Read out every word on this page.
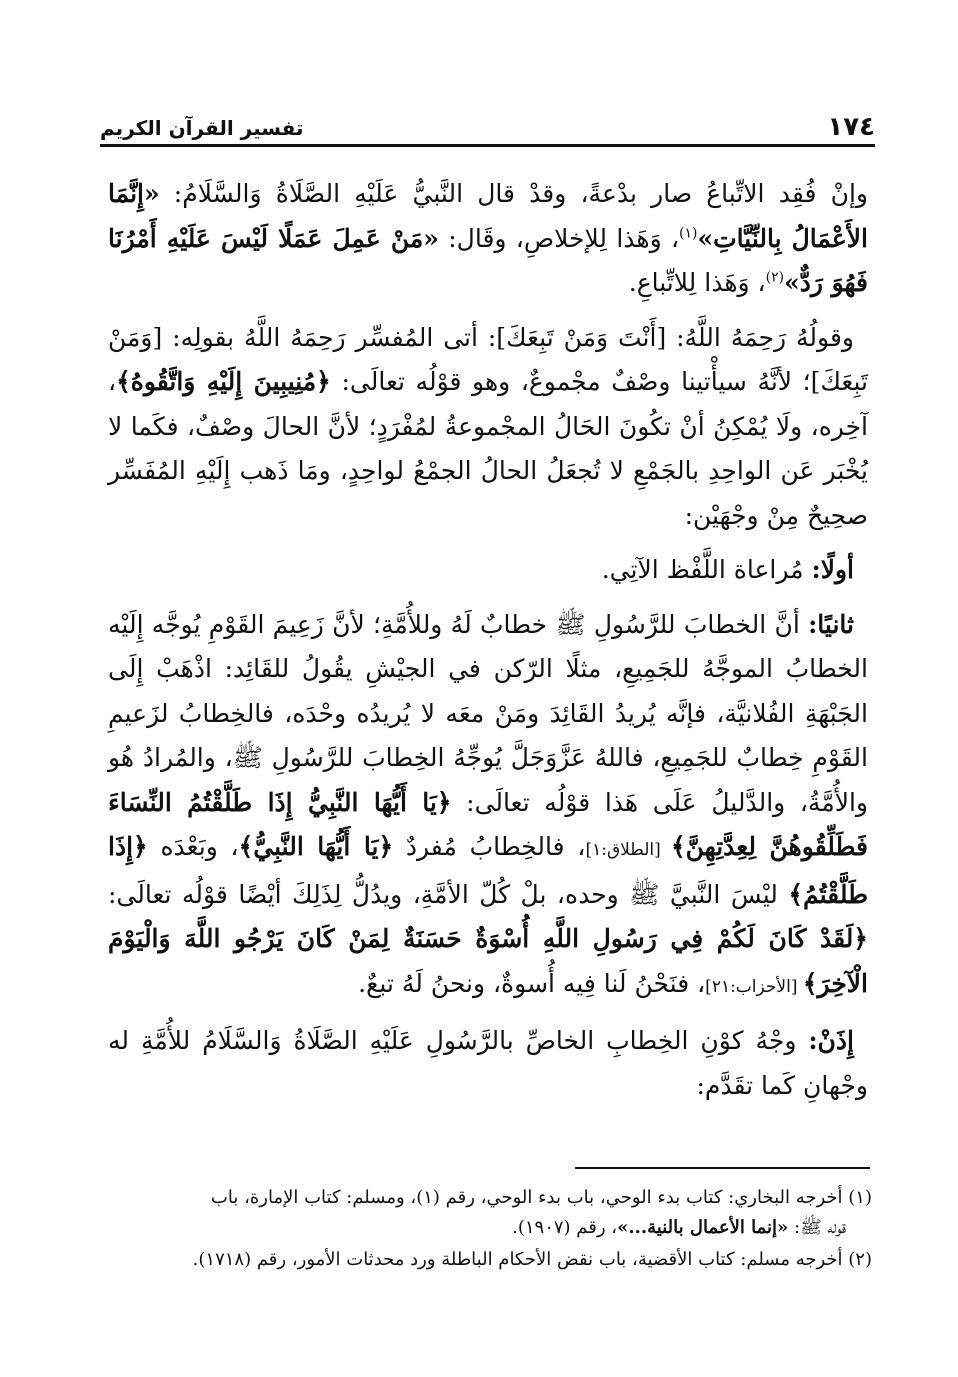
١٧٤
تفسير القرآن الكريم

وإنْ فُقِد الاتِّباعُ صار بدْعةً، وقدْ قال النَّبيُّ عَلَيْهِ الصَّلَاةُ وَالسَّلَامُ: «إِنَّمَا الأَعْمَالُ بِالنِّيَّاتِ»$^{(١)}$، وَهَذا لِلإخلاصِ، وقَال: «مَنْ عَمِلَ عَمَلًا لَيْسَ عَلَيْهِ أَمْرُنَا فَهُوَ رَدٌّ»$^{(٢)}$، وَهَذا لِلاتِّباعِ.

وقولُهُ رَحِمَهُ اللَّهُ: [أَنْتَ وَمَنْ تَبِعَكَ]: أتى المُفسِّر رَحِمَهُ اللَّهُ بقولِه: [وَمَنْ تَبِعَكَ]؛ لأنَّهُ سيأْتينا وصْفٌ مجْموعٌ، وهو قوْلُه تعالَى: ﴿مُنِيبِينَ إِلَيْهِ وَاتَّقُوهُ﴾، آخِره، ولَا يُمْكِنُ أنْ تكُونَ الحَالُ المجْموعةُ لمُفْرَدٍ؛ لأنَّ الحالَ وصْفٌ، فكَما لا يُخْبَر عَن الواحِدِ بالجَمْعِ لا تُجعَلُ الحالُ الجمْعُ لواحِدٍ، ومَا ذَهب إِلَيْهِ المُفَسِّر صحِيحٌ مِنْ وجْهَيْن:

أولًا: مُراعاة اللَّفْظ الآتِي.

ثانيًا: أنَّ الخطابَ للرَّسُولِ ﷺ خطابٌ لَهُ وللأُمَّةِ؛ لأنَّ زَعِيمَ القَوْمِ يُوجَّه إِلَيْه الخطابُ الموجَّهُ للجَمِيعِ، مثلًا الرّكن في الجيْشِ يقُولُ للقَائِد: اذْهَبْ إِلَى الجَبْهَةِ الفُلانيَّة، فإنَّه يُريدُ القَائِدَ ومَنْ معَه لا يُريدُه وحْدَه، فالخِطابُ لزَعيمِ القَوْمِ خِطابٌ للجَمِيعِ، فاللهُ عَزَّوَجَلَّ يُوجِّهُ الخِطابَ للرَّسُولِ ﷺ، والمُرادُ هُو والأُمَّةُ، والدَّليلُ عَلَى هَذا قوْلُه تعالَى: ﴿يَا أَيُّهَا النَّبِيُّ إِذَا طَلَّقْتُمُ النِّسَاءَ فَطَلِّقُوهُنَّ لِعِدَّتِهِنَّ﴾ [الطلاق:١]، فالخِطابُ مُفردٌ ﴿يَا أَيُّهَا النَّبِيُّ﴾، وبَعْدَه ﴿إِذَا طَلَّقْتُمُ﴾ ليْسَ النَّبيَّ ﷺ وحده، بلْ كُلّ الأمَّةِ، ويدُلُّ لِذَلِكَ أيْضًا قوْلُه تعالَى: ﴿لَقَدْ كَانَ لَكُمْ فِي رَسُولِ اللَّهِ أُسْوَةٌ حَسَنَةٌ لِمَنْ كَانَ يَرْجُو اللَّهَ وَالْيَوْمَ الْآخِرَ﴾ [الأحزاب:٢١]، فنَحْنُ لَنا فِيه أُسوةٌ، ونحنُ لَهُ تبعٌ.

إِذَنْ: وجْهُ كوْنِ الخِطابِ الخاصِّ بالرَّسُولِ عَلَيْهِ الصَّلَاةُ وَالسَّلَامُ للأُمَّةِ له وجْهانِ كَما تقَدَّم:

(١) أخرجه البخاري: كتاب بدء الوحي، باب بدء الوحي، رقم (١)، ومسلم: كتاب الإمارة، باب
قوله ﷺ: «إنما الأعمال بالنية...»، رقم (١٩٠٧).

(٢) أخرجه مسلم: كتاب الأقضية، باب نقض الأحكام الباطلة ورد محدثات الأمور، رقم (١٧١٨).
